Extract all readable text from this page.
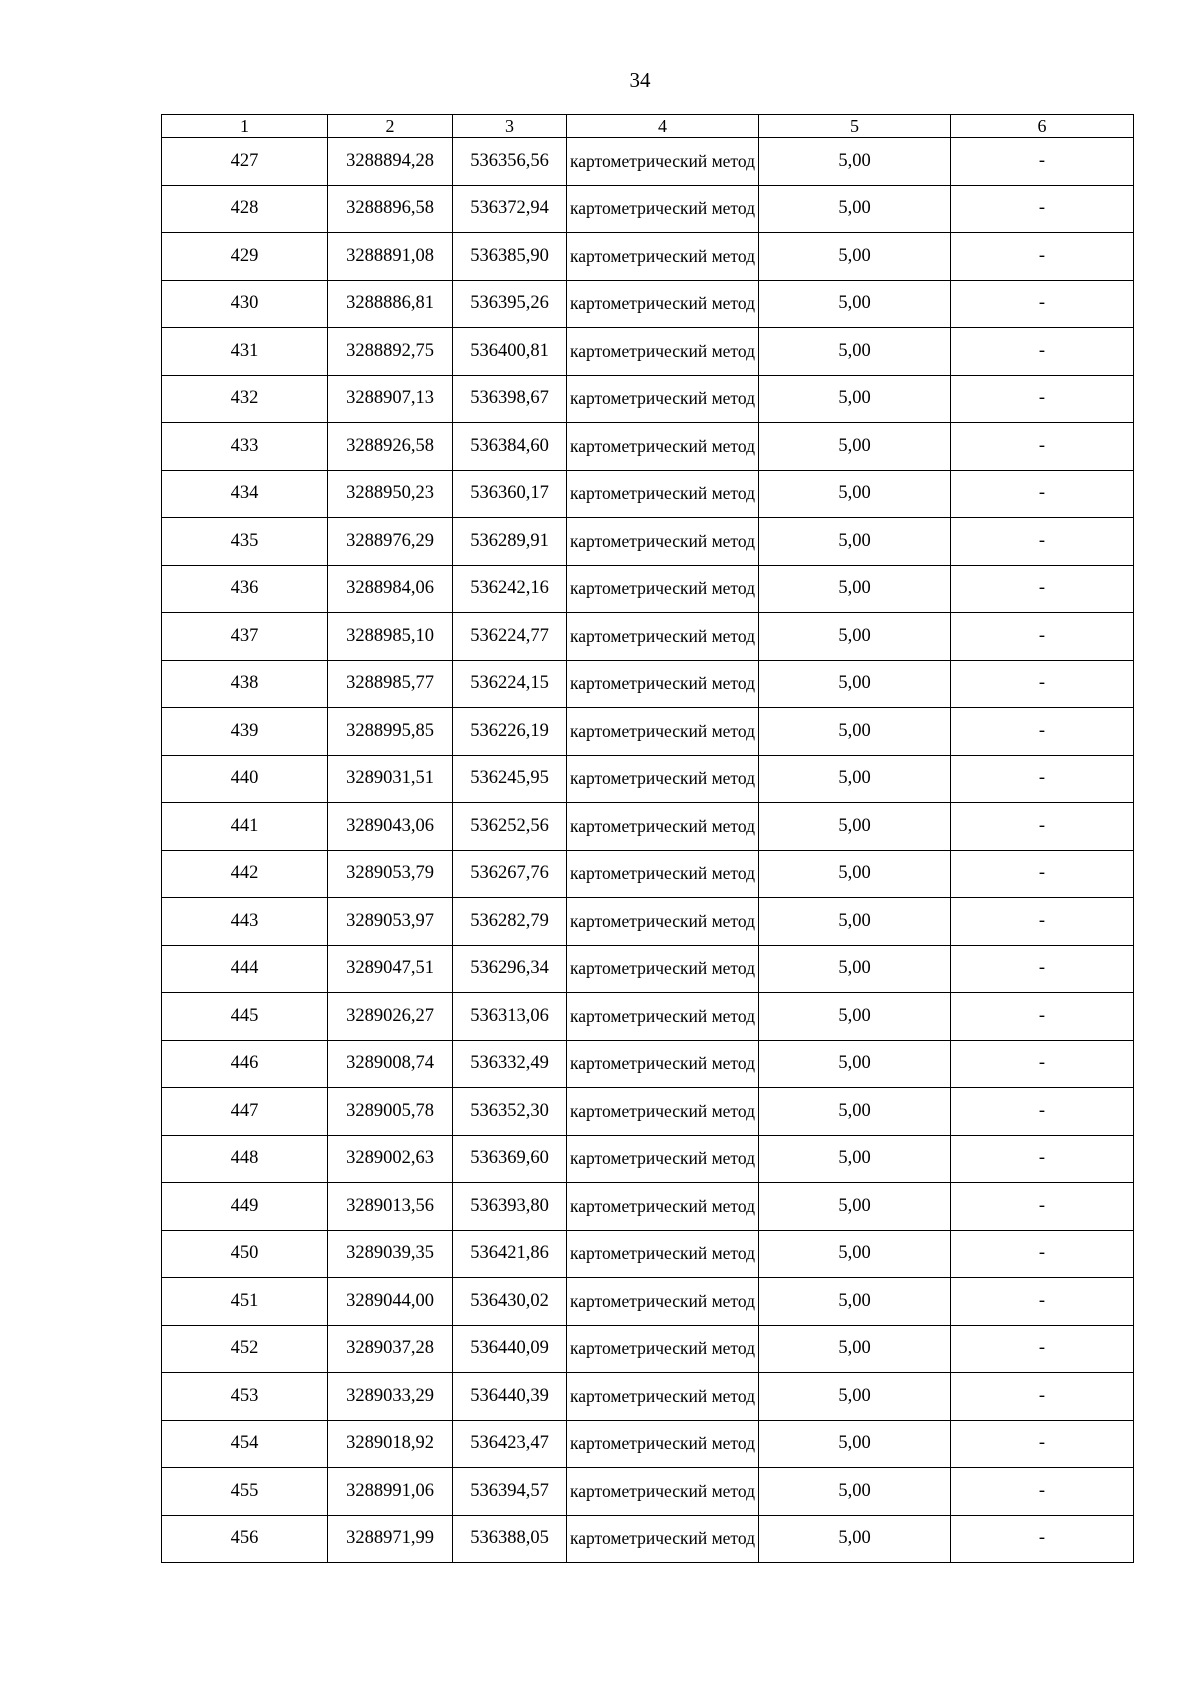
34
1	2	3	4	5	6
427	3288894,28	536356,56	картометрический метод	5,00	-
428	3288896,58	536372,94	картометрический метод	5,00	-
429	3288891,08	536385,90	картометрический метод	5,00	-
430	3288886,81	536395,26	картометрический метод	5,00	-
431	3288892,75	536400,81	картометрический метод	5,00	-
432	3288907,13	536398,67	картометрический метод	5,00	-
433	3288926,58	536384,60	картометрический метод	5,00	-
434	3288950,23	536360,17	картометрический метод	5,00	-
435	3288976,29	536289,91	картометрический метод	5,00	-
436	3288984,06	536242,16	картометрический метод	5,00	-
437	3288985,10	536224,77	картометрический метод	5,00	-
438	3288985,77	536224,15	картометрический метод	5,00	-
439	3288995,85	536226,19	картометрический метод	5,00	-
440	3289031,51	536245,95	картометрический метод	5,00	-
441	3289043,06	536252,56	картометрический метод	5,00	-
442	3289053,79	536267,76	картометрический метод	5,00	-
443	3289053,97	536282,79	картометрический метод	5,00	-
444	3289047,51	536296,34	картометрический метод	5,00	-
445	3289026,27	536313,06	картометрический метод	5,00	-
446	3289008,74	536332,49	картометрический метод	5,00	-
447	3289005,78	536352,30	картометрический метод	5,00	-
448	3289002,63	536369,60	картометрический метод	5,00	-
449	3289013,56	536393,80	картометрический метод	5,00	-
450	3289039,35	536421,86	картометрический метод	5,00	-
451	3289044,00	536430,02	картометрический метод	5,00	-
452	3289037,28	536440,09	картометрический метод	5,00	-
453	3289033,29	536440,39	картометрический метод	5,00	-
454	3289018,92	536423,47	картометрический метод	5,00	-
455	3288991,06	536394,57	картометрический метод	5,00	-
456	3288971,99	536388,05	картометрический метод	5,00	-
